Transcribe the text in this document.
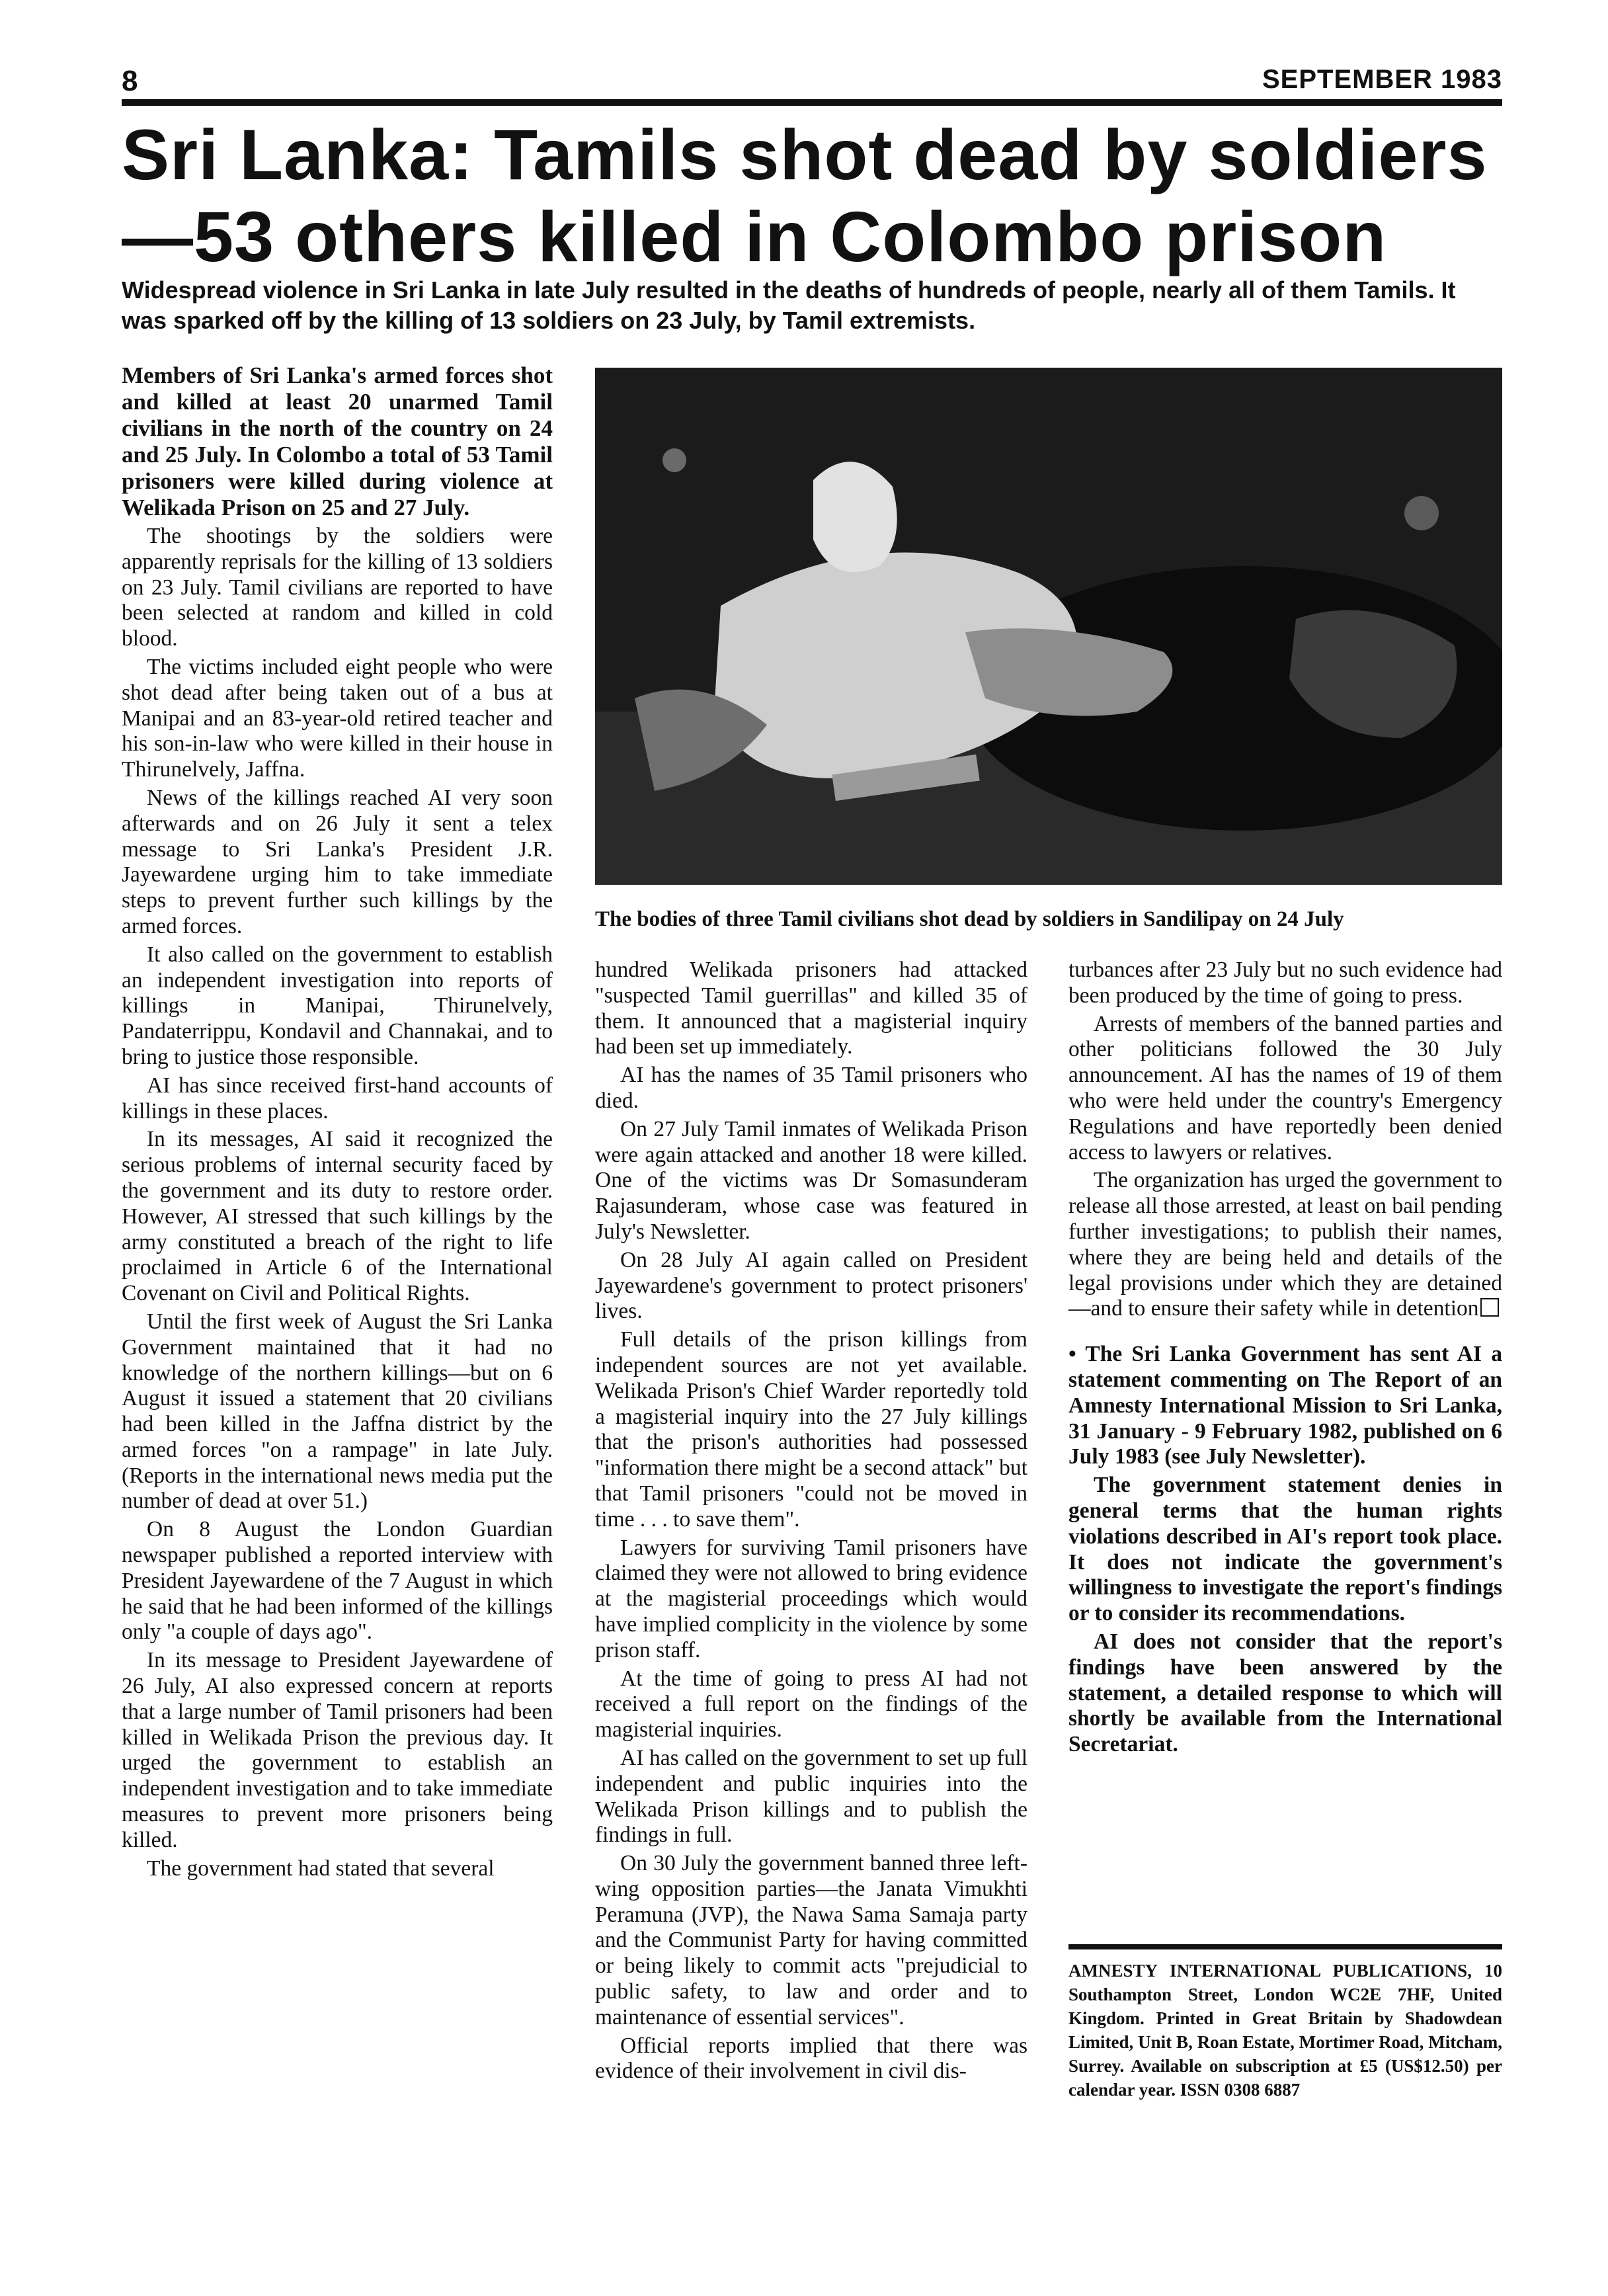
8	SEPTEMBER 1983
Sri Lanka: Tamils shot dead by soldiers —53 others killed in Colombo prison

Widespread violence in Sri Lanka in late July resulted in the deaths of hundreds of people, nearly all of them Tamils. It was sparked off by the killing of 13 soldiers on 23 July, by Tamil extremists.

Members of Sri Lanka's armed forces shot and killed at least 20 unarmed Tamil civilians in the north of the country on 24 and 25 July. In Colombo a total of 53 Tamil prisoners were killed during violence at Welikada Prison on 25 and 27 July.

The shootings by the soldiers were apparently reprisals for the killing of 13 soldiers on 23 July. Tamil civilians are reported to have been selected at random and killed in cold blood.

The victims included eight people who were shot dead after being taken out of a bus at Manipai and an 83-year-old retired teacher and his son-in-law who were killed in their house in Thirunelvely, Jaffna.

News of the killings reached AI very soon afterwards and on 26 July it sent a telex message to Sri Lanka's President J.R. Jayewardene urging him to take immediate steps to prevent further such killings by the armed forces.

It also called on the government to establish an independent investigation into reports of killings in Manipai, Thirunelvely, Pandaterrippu, Kondavil and Channakai, and to bring to justice those responsible.

AI has since received first-hand accounts of killings in these places.

In its messages, AI said it recognized the serious problems of internal security faced by the government and its duty to restore order. However, AI stressed that such killings by the army constituted a breach of the right to life proclaimed in Article 6 of the International Covenant on Civil and Political Rights.

Until the first week of August the Sri Lanka Government maintained that it had no knowledge of the northern killings—but on 6 August it issued a statement that 20 civilians had been killed in the Jaffna district by the armed forces "on a rampage" in late July. (Reports in the international news media put the number of dead at over 51.)

On 8 August the London Guardian newspaper published a reported interview with President Jayewardene of the 7 August in which he said that he had been informed of the killings only "a couple of days ago".

In its message to President Jayewardene of 26 July, AI also expressed concern at reports that a large number of Tamil prisoners had been killed in Welikada Prison the previous day. It urged the government to establish an independent investigation and to take immediate measures to prevent more prisoners being killed.

The government had stated that several

The bodies of three Tamil civilians shot dead by soldiers in Sandilipay on 24 July

hundred Welikada prisoners had attacked "suspected Tamil guerrillas" and killed 35 of them. It announced that a magisterial inquiry had been set up immediately.

AI has the names of 35 Tamil prisoners who died.

On 27 July Tamil inmates of Welikada Prison were again attacked and another 18 were killed. One of the victims was Dr Somasunderam Rajasunderam, whose case was featured in July's Newsletter.

On 28 July AI again called on President Jayewardene's government to protect prisoners' lives.

Full details of the prison killings from independent sources are not yet available. Welikada Prison's Chief Warder reportedly told a magisterial inquiry into the 27 July killings that the prison's authorities had possessed "information there might be a second attack" but that Tamil prisoners "could not be moved in time . . . to save them".

Lawyers for surviving Tamil prisoners have claimed they were not allowed to bring evidence at the magisterial proceedings which would have implied complicity in the violence by some prison staff.

At the time of going to press AI had not received a full report on the findings of the magisterial inquiries.

AI has called on the government to set up full independent and public inquiries into the Welikada Prison killings and to publish the findings in full.

On 30 July the government banned three left-wing opposition parties—the Janata Vimukhti Peramuna (JVP), the Nawa Sama Samaja party and the Communist Party for having committed or being likely to commit acts "prejudicial to public safety, to law and order and to maintenance of essential services".

Official reports implied that there was evidence of their involvement in civil dis-

turbances after 23 July but no such evidence had been produced by the time of going to press.

Arrests of members of the banned parties and other politicians followed the 30 July announcement. AI has the names of 19 of them who were held under the country's Emergency Regulations and have reportedly been denied access to lawyers or relatives.

The organization has urged the government to release all those arrested, at least on bail pending further investigations; to publish their names, where they are being held and details of the legal provisions under which they are detained—and to ensure their safety while in detention

• The Sri Lanka Government has sent AI a statement commenting on The Report of an Amnesty International Mission to Sri Lanka, 31 January - 9 February 1982, published on 6 July 1983 (see July Newsletter).

The government statement denies in general terms that the human rights violations described in AI's report took place. It does not indicate the government's willingness to investigate the report's findings or to consider its recommendations.

AI does not consider that the report's findings have been answered by the statement, a detailed response to which will shortly be available from the International Secretariat.

AMNESTY INTERNATIONAL PUBLICATIONS, 10 Southampton Street, London WC2E 7HF, United Kingdom. Printed in Great Britain by Shadowdean Limited, Unit B, Roan Estate, Mortimer Road, Mitcham, Surrey. Available on subscription at £5 (US$12.50) per calendar year. ISSN 0308 6887
